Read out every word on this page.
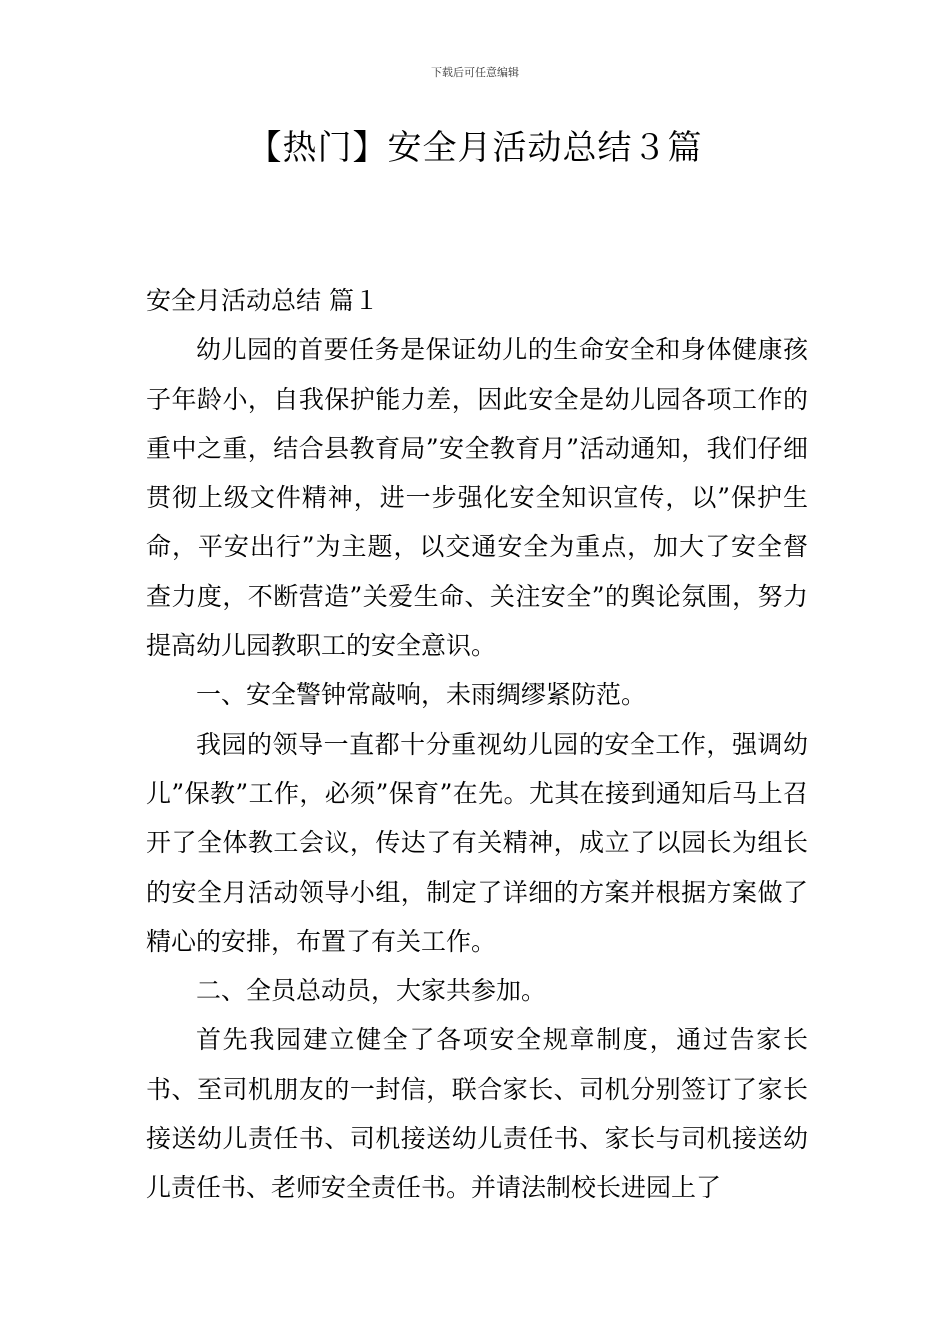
下载后可任意编辑
【热门】安全月活动总结３篇

安全月活动总结 篇１

幼儿园的首要任务是保证幼儿的生命安全和身体健康孩子年龄小，自我保护能力差，因此安全是幼儿园各项工作的重中之重，结合县教育局”安全教育月”活动通知，我们仔细贯彻上级文件精神，进一步强化安全知识宣传，以”保护生命，平安出行”为主题，以交通安全为重点，加大了安全督查力度，不断营造”关爱生命、关注安全”的舆论氛围，努力提高幼儿园教职工的安全意识。

一、安全警钟常敲响，未雨绸缪紧防范。

我园的领导一直都十分重视幼儿园的安全工作，强调幼儿”保教”工作，必须”保育”在先。尤其在接到通知后马上召开了全体教工会议，传达了有关精神，成立了以园长为组长的安全月活动领导小组，制定了详细的方案并根据方案做了精心的安排，布置了有关工作。

二、全员总动员，大家共参加。

首先我园建立健全了各项安全规章制度，通过告家长书、至司机朋友的一封信，联合家长、司机分别签订了家长接送幼儿责任书、司机接送幼儿责任书、家长与司机接送幼儿责任书、老师安全责任书。并请法制校长进园上了
